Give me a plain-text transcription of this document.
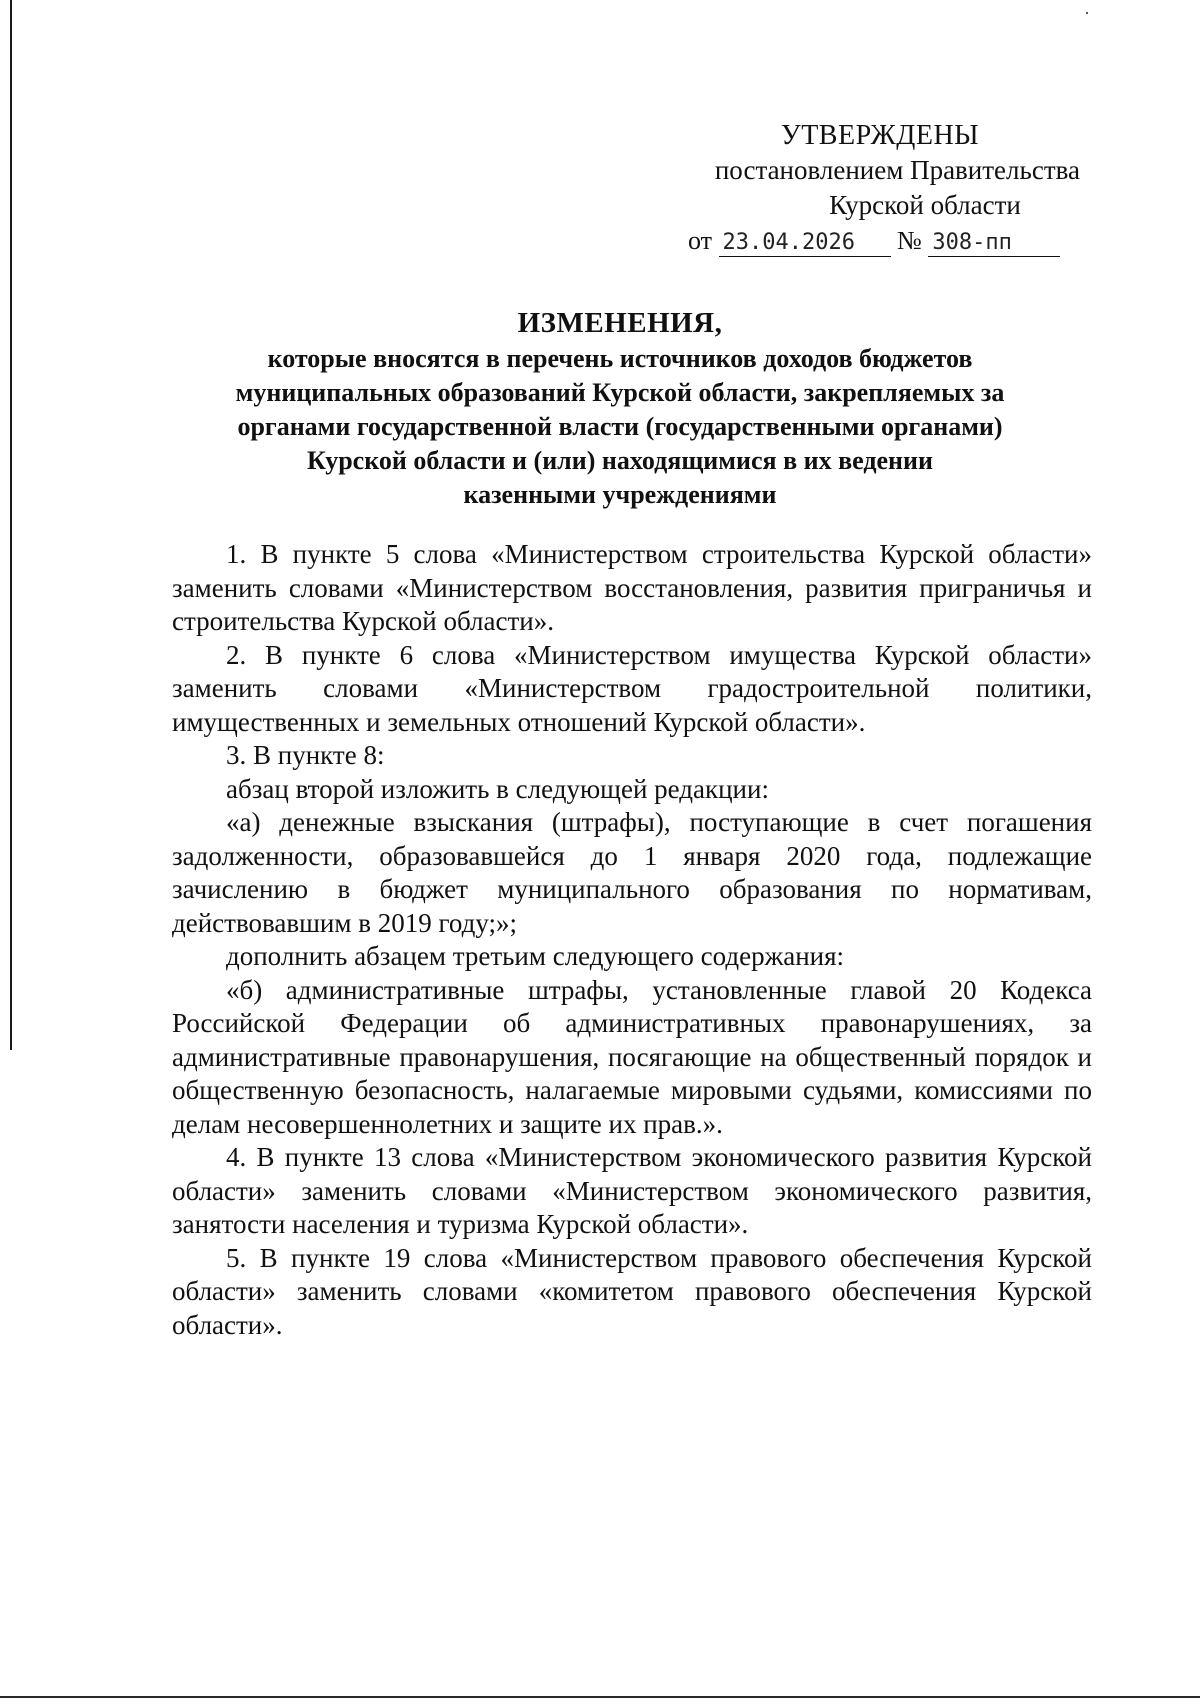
УТВЕРЖДЕНЫ
постановлением Правительства
Курской области
от 23.04.2026 № 308-пп
ИЗМЕНЕНИЯ,
которые вносятся в перечень источников доходов бюджетов
муниципальных образований Курской области, закрепляемых за
органами государственной власти (государственными органами)
Курской области и (или) находящимися в их ведении
казенными учреждениями

1. В пункте 5 слова «Министерством строительства Курской области» заменить словами «Министерством восстановления, развития приграничья и строительства Курской области».

2. В пункте 6 слова «Министерством имущества Курской области» заменить словами «Министерством градостроительной политики, имущественных и земельных отношений Курской области».

3. В пункте 8:

абзац второй изложить в следующей редакции:

«а) денежные взыскания (штрафы), поступающие в счет погашения задолженности, образовавшейся до 1 января 2020 года, подлежащие зачислению в бюджет муниципального образования по нормативам, действовавшим в 2019 году;»;

дополнить абзацем третьим следующего содержания:

«б) административные штрафы, установленные главой 20 Кодекса Российской Федерации об административных правонарушениях, за административные правонарушения, посягающие на общественный порядок и общественную безопасность, налагаемые мировыми судьями, комиссиями по делам несовершеннолетних и защите их прав.».

4. В пункте 13 слова «Министерством экономического развития Курской области» заменить словами «Министерством экономического развития, занятости населения и туризма Курской области».

5. В пункте 19 слова «Министерством правового обеспечения Курской области» заменить словами «комитетом правового обеспечения Курской области».
